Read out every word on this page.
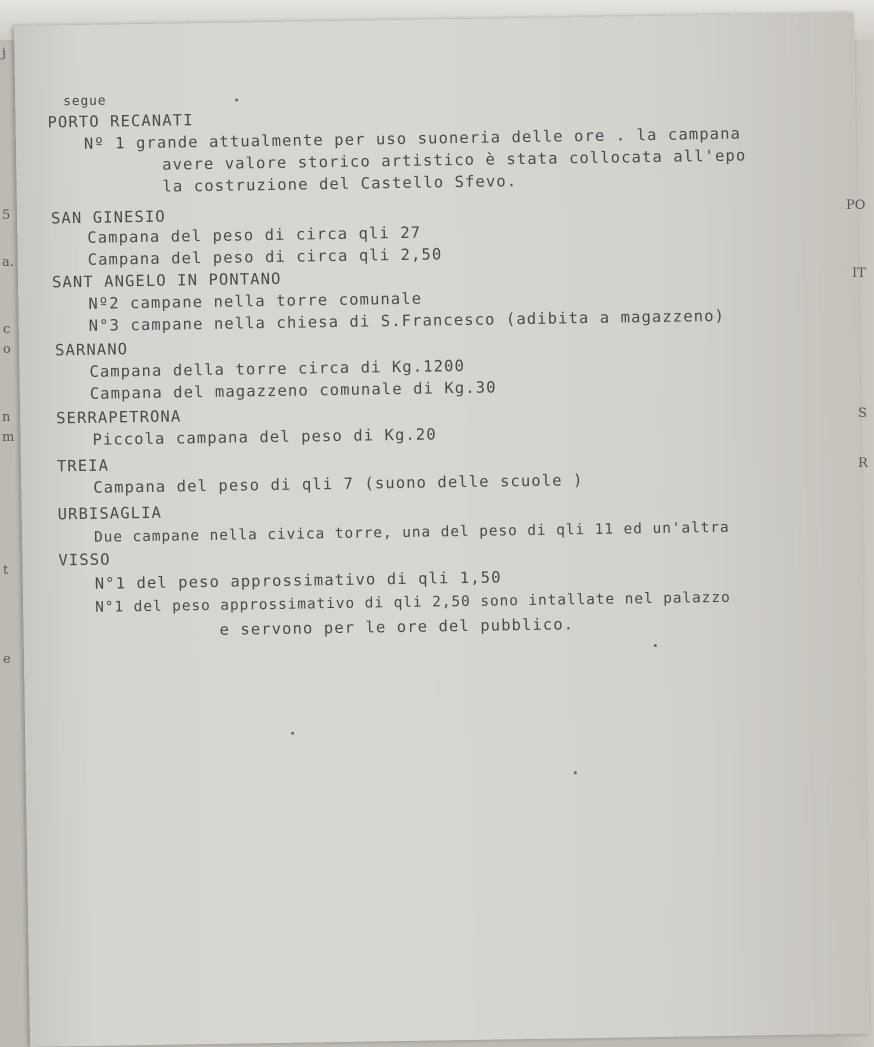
j
5
a.
c
o
n
m
t
e
segue
PORTO RECANATI
Nº 1 grande attualmente per uso suoneria delle ore . la campana
avere valore storico artistico è stata collocata all'epo
la costruzione del Castello Sfevo.
SAN GINESIO
Campana del peso di circa qli 27
Campana del peso di circa qli 2,50
SANT ANGELO IN PONTANO
Nº2 campane nella torre comunale
N°3 campane nella chiesa di S.Francesco (adibita a magazzeno)
SARNANO
Campana della torre circa di Kg.1200
Campana del magazzeno comunale di Kg.30
SERRAPETRONA
Piccola campana del peso di Kg.20
TREIA
Campana del peso di qli 7 (suono delle scuole )
URBISAGLIA
Due campane nella civica torre, una del peso di qli 11 ed un'altra
VISSO
N°1 del peso approssimativo di qli 1,50
N°1 del peso approssimativo di qli 2,50 sono intallate nel palazzo
e servono per le ore del pubblico.
PO
IT
S
R
